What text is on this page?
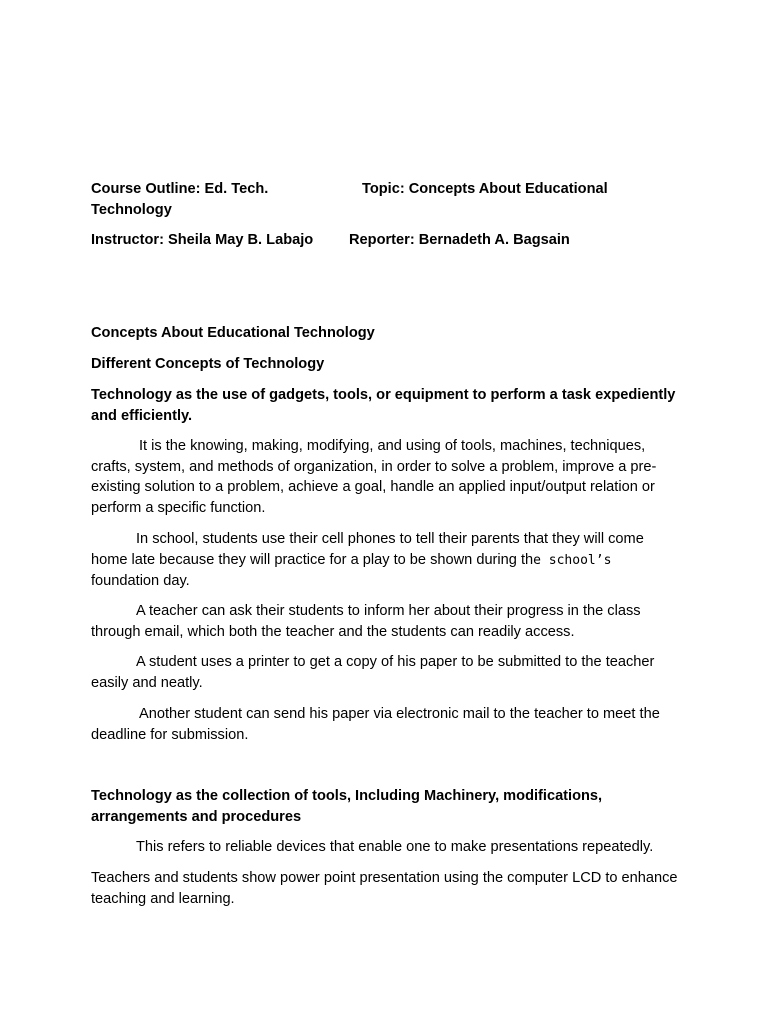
Course Outline: Ed. Tech.
Technology
Topic: Concepts About Educational
Instructor: Sheila May B. Labajo Reporter: Bernadeth A. Bagsain

Concepts About Educational Technology

Different Concepts of Technology

Technology as the use of gadgets, tools, or equipment to perform a task expediently and efficiently.

It is the knowing, making, modifying, and using of tools, machines, techniques, crafts, system, and methods of organization, in order to solve a problem, improve a pre-existing solution to a problem, achieve a goal, handle an applied input/output relation or perform a specific function.

In school, students use their cell phones to tell their parents that they will come home late because they will practice for a play to be shown during the school’s foundation day.

A teacher can ask their students to inform her about their progress in the class through email, which both the teacher and the students can readily access.

A student uses a printer to get a copy of his paper to be submitted to the teacher easily and neatly.

Another student can send his paper via electronic mail to the teacher to meet the deadline for submission.

Technology as the collection of tools, Including Machinery, modifications, arrangements and procedures

This refers to reliable devices that enable one to make presentations repeatedly.

Teachers and students show power point presentation using the computer LCD to enhance teaching and learning.
